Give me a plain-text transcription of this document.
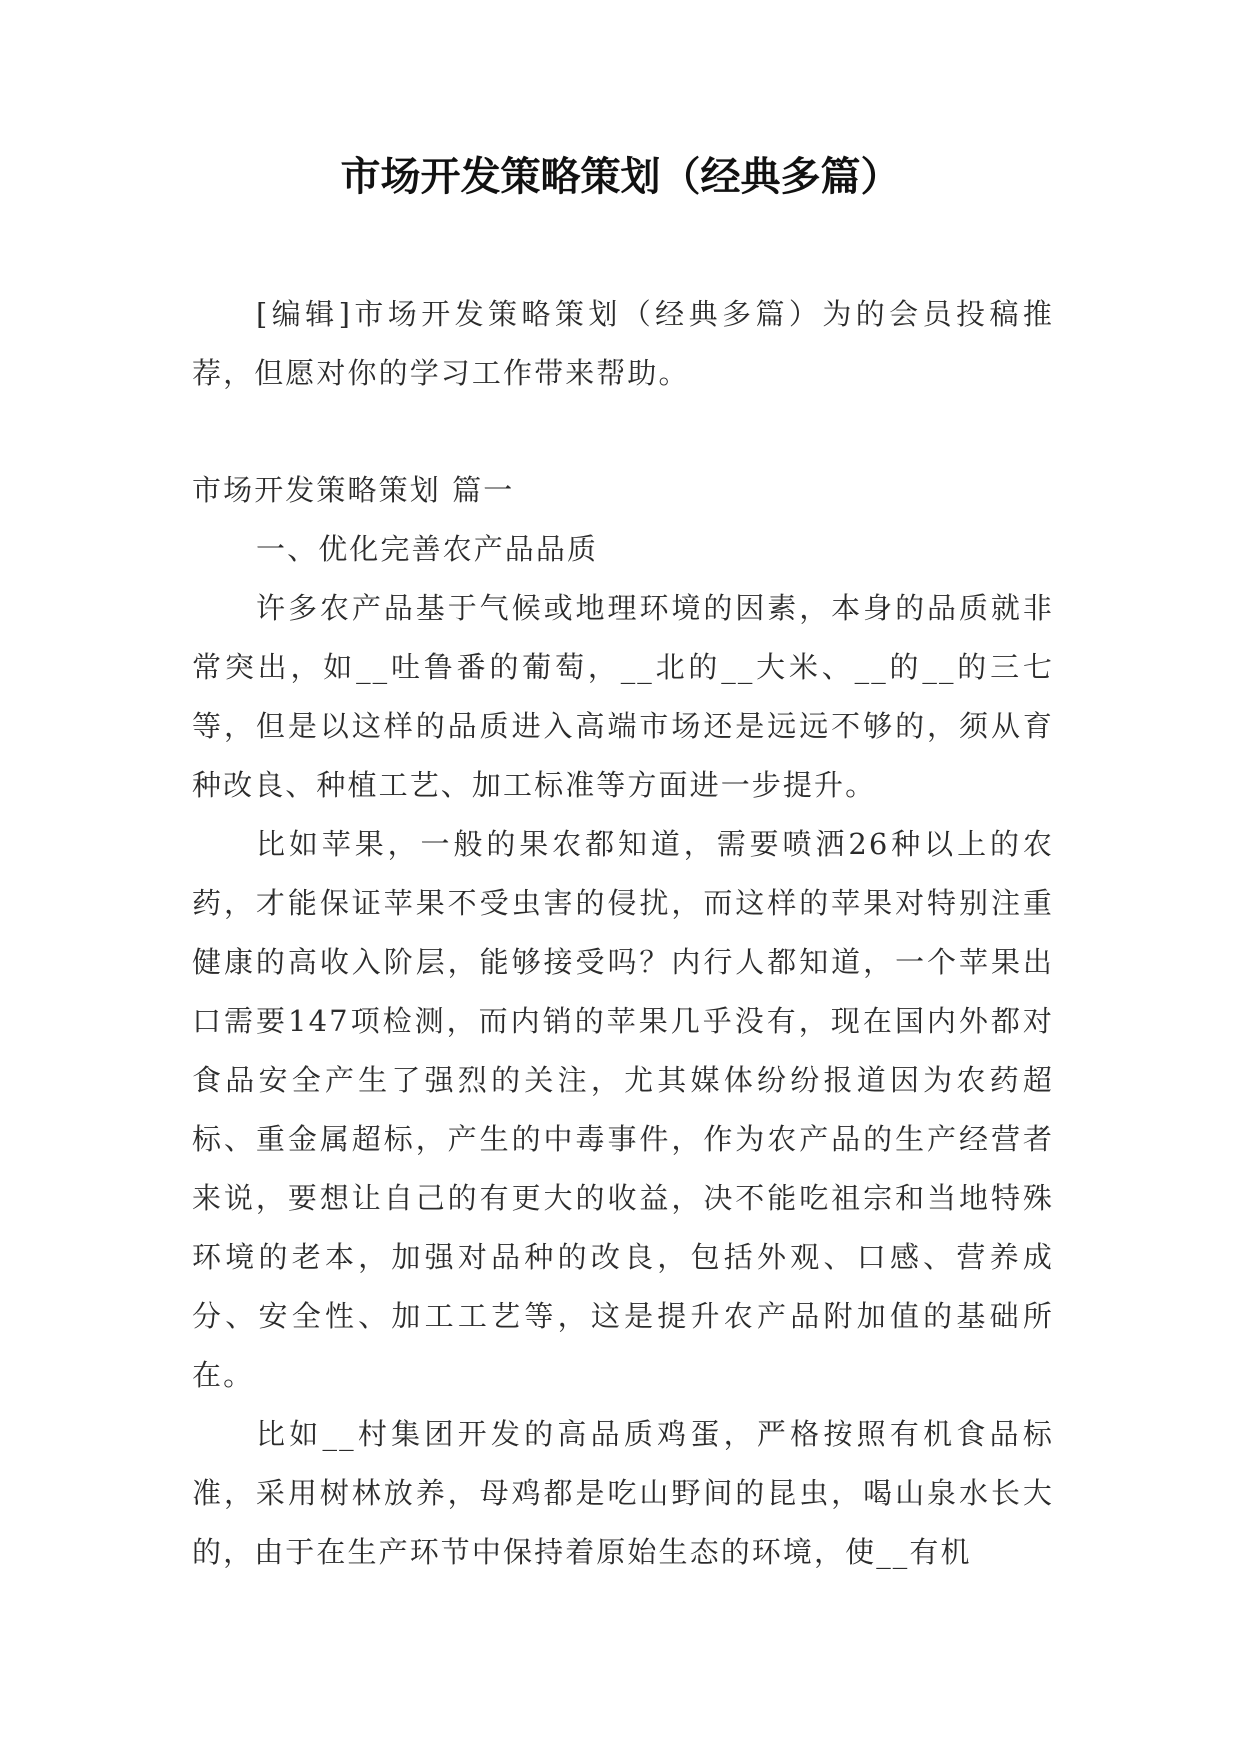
市场开发策略策划（经典多篇）

[编辑]市场开发策略策划（经典多篇）为的会员投稿推荐，但愿对你的学习工作带来帮助。

市场开发策略策划 篇一

一、优化完善农产品品质

许多农产品基于气候或地理环境的因素，本身的品质就非常突出，如__吐鲁番的葡萄，__北的__大米、__的__的三七等，但是以这样的品质进入高端市场还是远远不够的，须从育种改良、种植工艺、加工标准等方面进一步提升。

比如苹果，一般的果农都知道，需要喷洒26种以上的农药，才能保证苹果不受虫害的侵扰，而这样的苹果对特别注重健康的高收入阶层，能够接受吗？内行人都知道，一个苹果出口需要147项检测，而内销的苹果几乎没有，现在国内外都对食品安全产生了强烈的关注，尤其媒体纷纷报道因为农药超标、重金属超标，产生的中毒事件，作为农产品的生产经营者来说，要想让自己的有更大的收益，决不能吃祖宗和当地特殊环境的老本，加强对品种的改良，包括外观、口感、营养成分、安全性、加工工艺等，这是提升农产品附加值的基础所在。

比如__村集团开发的高品质鸡蛋，严格按照有机食品标准，采用树林放养，母鸡都是吃山野间的昆虫，喝山泉水长大的，由于在生产环节中保持着原始生态的环境，使__有机
